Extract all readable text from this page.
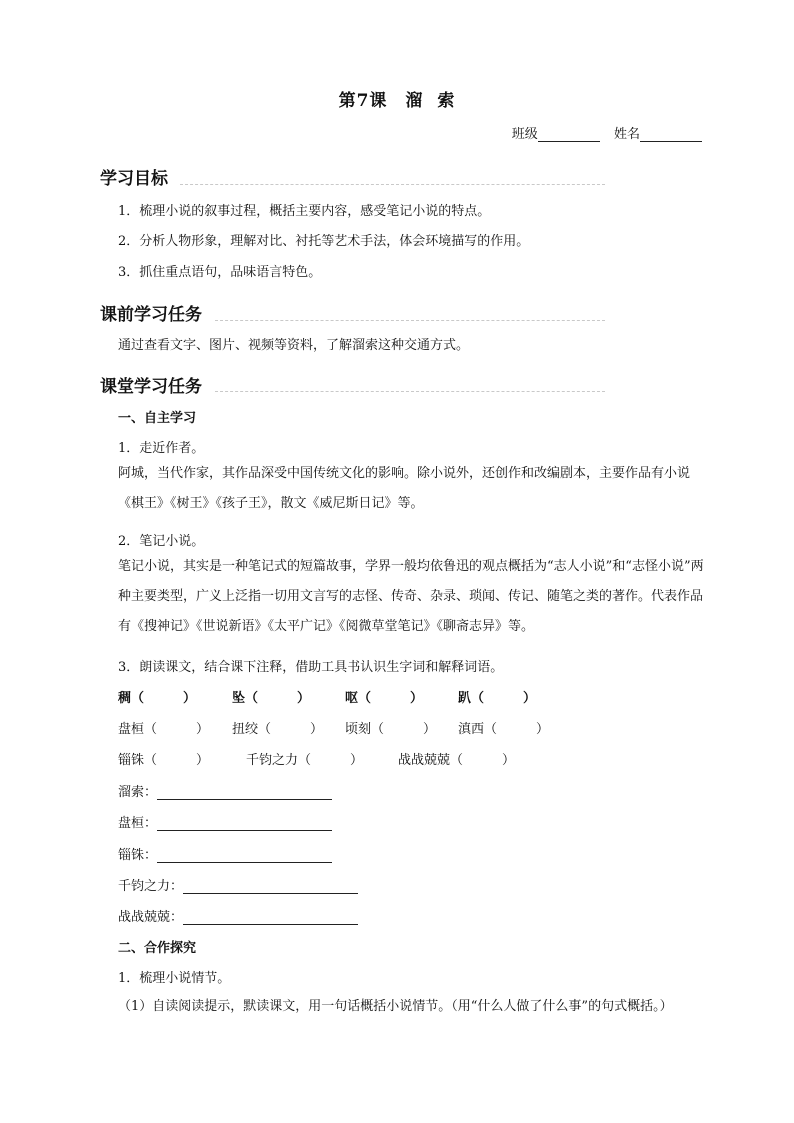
第7课 溜 索
班级	姓名
学习目标
1．梳理小说的叙事过程，概括主要内容，感受笔记小说的特点。
2．分析人物形象，理解对比、衬托等艺术手法，体会环境描写的作用。
3．抓住重点语句，品味语言特色。
课前学习任务
通过查看文字、图片、视频等资料，了解溜索这种交通方式。
课堂学习任务
一、自主学习
1．走近作者。
阿城，当代作家，其作品深受中国传统文化的影响。除小说外，还创作和改编剧本，主要作品有小说《棋王》《树王》《孩子王》，散文《威尼斯日记》等。
2．笔记小说。
笔记小说，其实是一种笔记式的短篇故事，学界一般均依鲁迅的观点概括为“志人小说”和“志怪小说”两种主要类型，广义上泛指一切用文言写的志怪、传奇、杂录、琐闻、传记、随笔之类的著作。代表作品有《搜神记》《世说新语》《太平广记》《阅微草堂笔记》《聊斋志异》等。
3．朗读课文，结合课下注释，借助工具书认识生字词和解释词语。
稠（　　　）	坠（　　　）	呕（　　　）	趴（　　　）
盘桓（　　　） 扭绞（　　　） 顷刻（　　　） 滇西（　　　）
锱铢（　　　）	千钧之力（　　　）	战战兢兢（　　　）
溜索：
盘桓：
锱铢：
千钧之力：
战战兢兢：
二、合作探究
1．梳理小说情节。
（1）自读阅读提示，默读课文，用一句话概括小说情节。（用“什么人做了什么事”的句式概括。）
